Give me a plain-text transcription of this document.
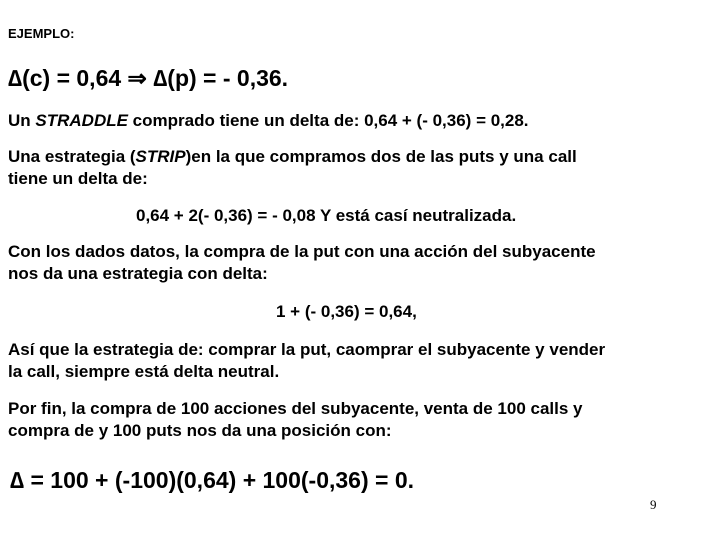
EJEMPLO:
∆(c) = 0,64 ⇒ ∆(p) = - 0,36.
Un STRADDLE comprado tiene un delta de: 0,64 + (- 0,36) = 0,28.
Una estrategia (STRIP)en la que compramos dos de las puts y una call
tiene un delta de:
0,64 + 2(- 0,36) = - 0,08 Y está casí neutralizada.
Con los dados datos, la compra de la put con una acción del subyacente
nos da una estrategia con delta:
1 + (- 0,36) = 0,64,
Así que la estrategia de: comprar la put, caomprar el subyacente y vender
la call, siempre está delta neutral.
Por fin, la compra de 100 acciones del subyacente, venta de 100 calls y
compra de y 100 puts nos da una posición con:
∆ = 100 + (-100)(0,64) + 100(-0,36) = 0.
9
